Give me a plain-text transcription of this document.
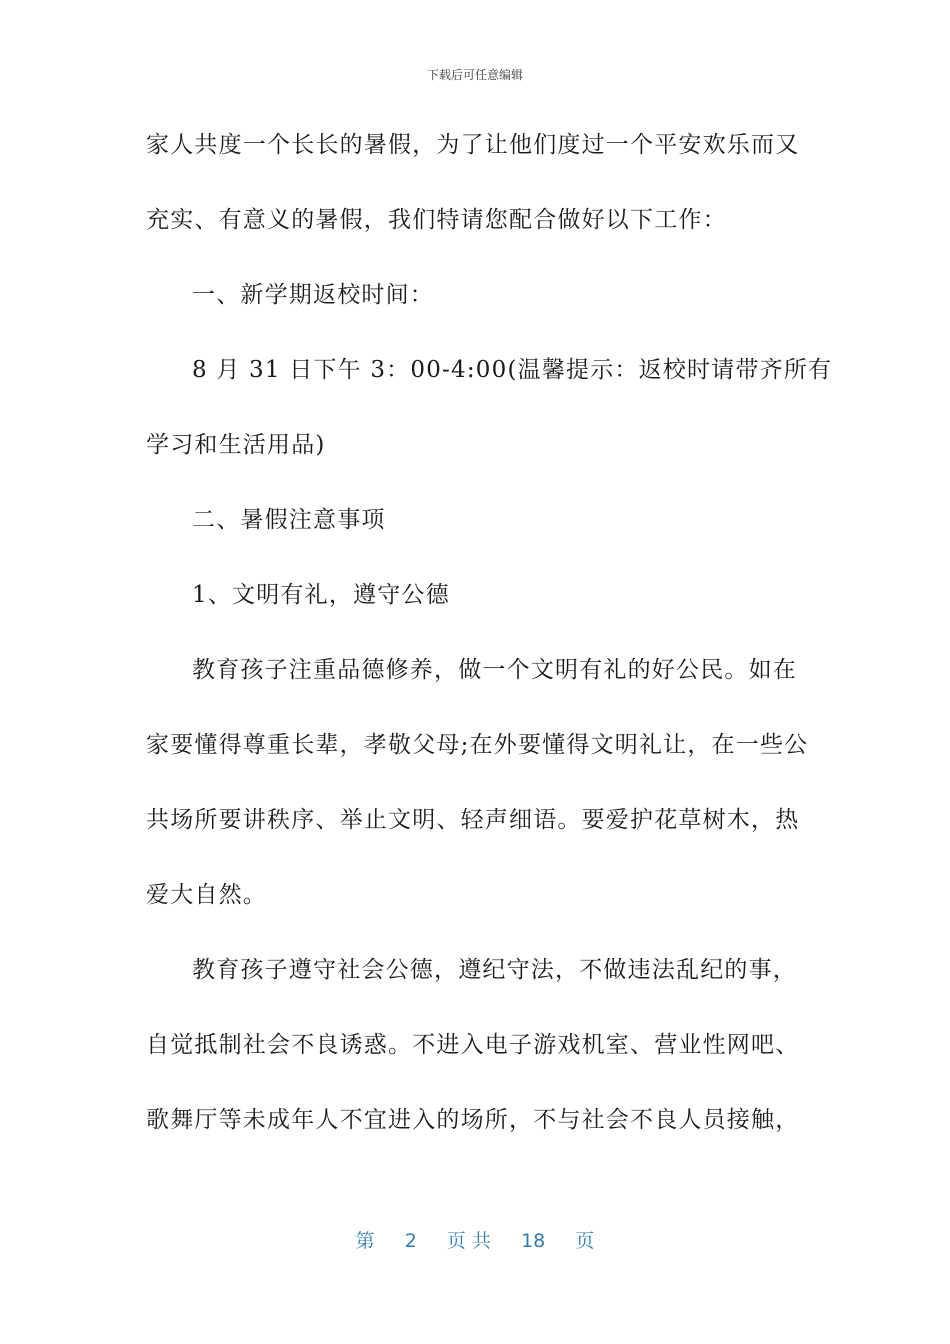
下载后可任意编辑
家人共度一个长长的暑假，为了让他们度过一个平安欢乐而又
充实、有意义的暑假，我们特请您配合做好以下工作：
一、新学期返校时间：
8 月 31 日下午 3：00-4:00(温馨提示：返校时请带齐所有
学习和生活用品)
二、暑假注意事项
1、文明有礼，遵守公德
教育孩子注重品德修养，做一个文明有礼的好公民。如在
家要懂得尊重长辈，孝敬父母;在外要懂得文明礼让，在一些公
共场所要讲秩序、举止文明、轻声细语。要爱护花草树木，热
爱大自然。
教育孩子遵守社会公德，遵纪守法，不做违法乱纪的事，
自觉抵制社会不良诱惑。不进入电子游戏机室、营业性网吧、
歌舞厅等未成年人不宜进入的场所，不与社会不良人员接触，
第 2 页 共 18 页
